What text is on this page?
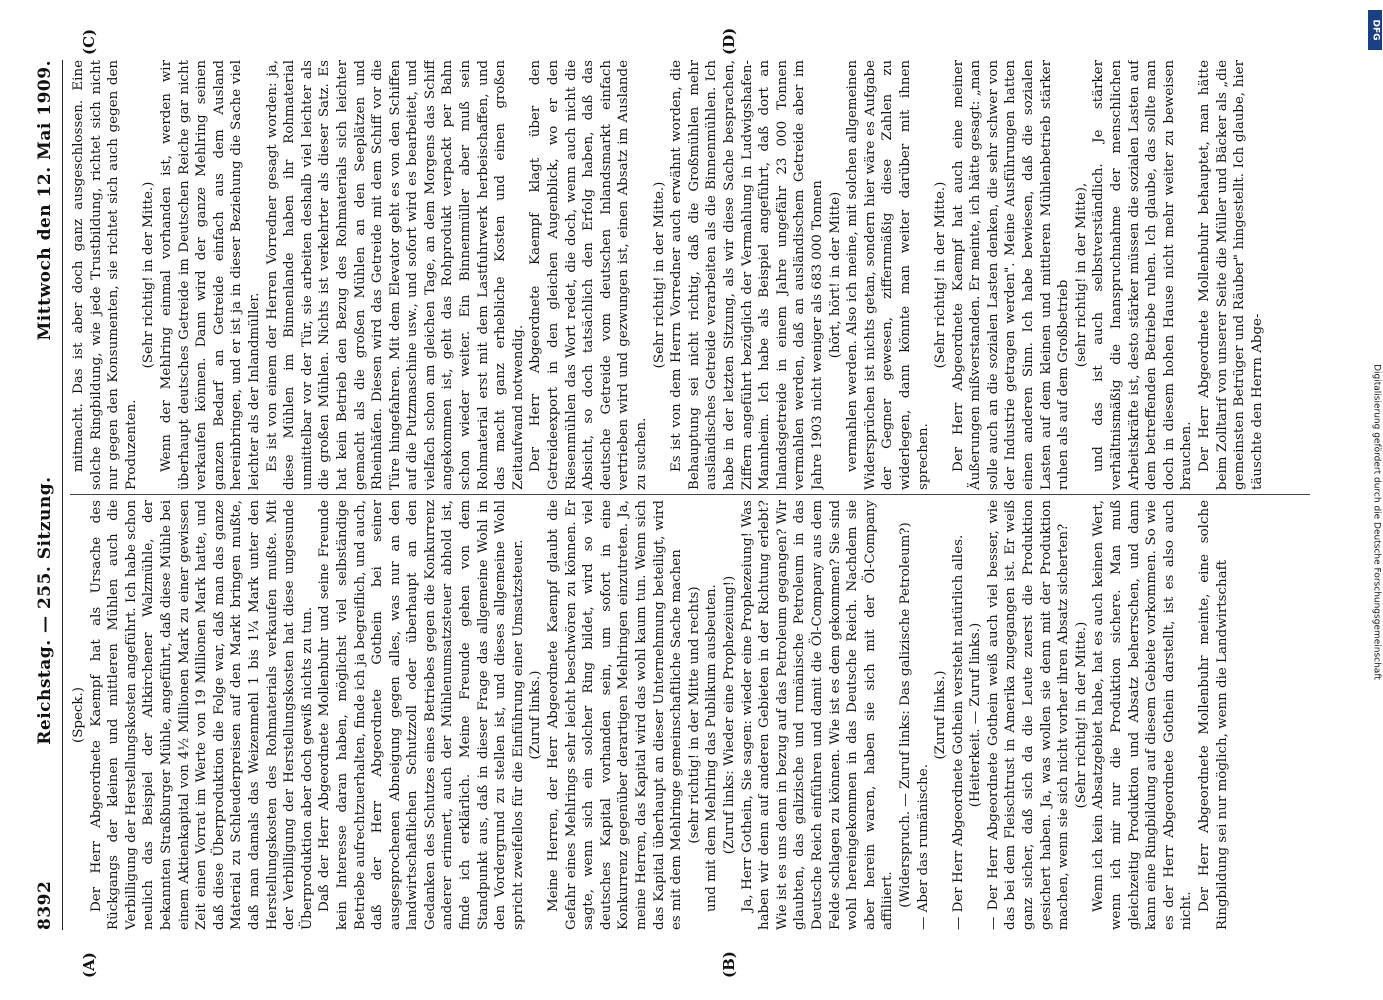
8392
Reichstag. — 255. Sitzung.
Mittwoch den 12. Mai 1909.

(Speck.) Der Herr Abgeordnete Kaempf hat als Ursache des Rückgangs der kleinen und mittleren Mühlen auch die Verbilligung der Herstellungskosten angeführt. Ich habe schon neulich das Beispiel der Altkirchener Walzmühle, der bekannten Straßburger Mühle, angeführt, daß diese Mühle bei einem Aktienkapital von 4½ Millionen Mark zu einer gewissen Zeit einen Vorrat im Werte von 19 Millionen Mark hatte, und daß diese Überproduktion die Folge war, daß man das ganze Material zu Schleuderpreisen auf den Markt bringen mußte, daß man damals das Weizenmehl 1 bis 1¼ Mark unter den Herstellungskosten des Rohmaterials verkaufen mußte. Mit der Verbilligung der Herstellungskosten hat diese ungesunde Überproduktion aber doch gewiß nichts zu tun. Daß der Herr Abgeordnete Mollenbuhr und seine Freunde kein Interesse daran haben, möglichst viel selbständige Betriebe aufrechtzuerhalten, finde ich ja begreiflich, und auch, daß der Herr Abgeordnete Gothein bei seiner ausgesprochenen Abneigung gegen alles, was nur an den landwirtschaftlichen Schutzzoll oder überhaupt an den Gedanken des Schutzes eines Betriebes gegen die Konkurrenz anderer erinnert, auch der Mühlenumsatzsteuer abhold ist, finde ich erklärlich. Meine Freunde gehen von dem Standpunkt aus, daß in dieser Frage das allgemeine Wohl in den Vordergrund zu stellen ist, und dieses allgemeine Wohl spricht zweifellos für die Einführung einer Umsatzsteuer. (Zuruf links.) Meine Herren, der Herr Abgeordnete Kaempf glaubt die Gefahr eines Mehlrings sehr leicht beschwören zu können. Er sagte, wenn sich ein solcher Ring bildet, wird so viel deutsches Kapital vorhanden sein, um sofort in eine Konkurrenz gegenüber derartigen Mehlringen einzutreten. Ja, meine Herren, das Kapital wird das wohl kaum tun. Wenn sich das Kapital überhaupt an dieser Unternehmung beteiligt, wird es mit dem Mehlringe gemeinschaftliche Sache machen (sehr richtig! in der Mitte und rechts) und mit dem Mehlring das Publikum ausbeuten. (Zuruf links: Wieder eine Prophezeiung!) Ja, Herr Gothein, Sie sagen: wieder eine Prophezeiung! Was haben wir denn auf anderen Gebieten in der Richtung erlebt? Wie ist es uns denn in bezug auf das Petroleum gegangen? Wir glaubten, das galizische und rumänische Petroleum in das Deutsche Reich einführen und damit die Öl-Company aus dem Felde schlagen zu können. Wie ist es dem gekommen? Sie sind wohl hereingekommen in das Deutsche Reich. Nachdem sie aber herein waren, haben sie sich mit der Öl-Company affiliiert. (Widerspruch. — Zuruf links: Das galizische Petroleum?) — Aber das rumänische.

(Zuruf links.) — Der Herr Abgeordnete Gothein versteht natürlich alles. (Heiterkeit. — Zuruf links.) — Der Herr Abgeordnete Gothein weiß auch viel besser, wie das bei dem Fleischtrust in Amerika zugegangen ist. Er weiß ganz sicher, daß sich da die Leute zuerst die Produktion gesichert haben. Ja, was wollen sie denn mit der Produktion machen, wenn sie sich nicht vorher ihren Absatz sicherten? (Sehr richtig! in der Mitte.) Wenn ich kein Absatzgebiet habe, hat es auch keinen Wert, wenn ich mir nur die Produktion sichere. Man muß gleichzeitig Produktion und Absatz beherrschen, und dann kann eine Ringbildung auf diesem Gebiete vorkommen. So wie es der Herr Abgeordnete Gothein darstellt, ist es also auch nicht. Der Herr Abgeordnete Mollenbuhr meinte, eine solche Ringbildung sei nur möglich, wenn die Landwirtschaft

mitmacht. Das ist aber doch ganz ausgeschlossen. Eine solche Ringbildung, wie jede Trustbildung, richtet sich nicht nur gegen den Konsumenten, sie richtet sich auch gegen den Produzenten.

(Sehr richtig! in der Mitte.) Wenn der Mehlring einmal vorhanden ist, werden wir überhaupt deutsches Getreide im Deutschen Reiche gar nicht verkaufen können. Dann wird der ganze Mehlring seinen ganzen Bedarf an Getreide einfach aus dem Ausland hereinbringen, und er ist ja in dieser Beziehung die Sache viel leichter als der Inlandmüller. Es ist von einem der Herren Vorredner gesagt worden: ja, diese Mühlen im Binnenlande haben ihr Rohmaterial unmittelbar vor der Tür, sie arbeiten deshalb viel leichter als die großen Mühlen. Nichts ist verkehrter als dieser Satz. Es hat kein Betrieb den Bezug des Rohmaterials sich leichter gemacht als die großen Mühlen an den Seeplätzen und Rheinhäfen. Diesen wird das Getreide mit dem Schiff vor die Türe hingefahren. Mit dem Elevator geht es von den Schiffen auf die Putzmaschine usw., und sofort wird es bearbeitet, und vielfach schon am gleichen Tage, an dem Morgens das Schiff angekommen ist, geht das Rohprodukt verpackt per Bahn schon wieder weiter. Ein Binnenmüller aber muß sein Rohmaterial erst mit dem Lastfuhrwerk herbeischaffen, und das macht ganz erhebliche Kosten und einen großen Zeitaufwand notwendig. Der Herr Abgeordnete Kaempf klagt über den Getreideexport in den gleichen Augenblick, wo er den Riesenmühlen das Wort redet, die doch, wenn auch nicht die Absicht, so doch tatsächlich den Erfolg haben, daß das deutsche Getreide vom deutschen Inlandsmarkt einfach vertrieben wird und gezwungen ist, einen Absatz im Auslande zu suchen.

(Sehr richtig! in der Mitte.) Es ist von dem Herrn Vorredner auch erwähnt worden, die Behauptung sei nicht richtig, daß die Großmühlen mehr ausländisches Getreide verarbeiten als die Binnenmühlen. Ich habe in der letzten Sitzung, als wir diese Sache besprachen, Ziffern angeführt bezüglich der Vermahlung in Ludwigshafen-Mannheim. Ich habe als Beispiel angeführt, daß dort an Inlandsgetreide in einem Jahre ungefähr 23 000 Tonnen vermahlen werden, daß an ausländischem Getreide aber im Jahre 1903 nicht weniger als 683 000 Tonnen (hört, hört! in der Mitte) vermahlen werden. Also ich meine, mit solchen allgemeinen Widersprüchen ist nichts getan, sondern hier wäre es Aufgabe der Gegner gewesen, ziffernmäßig diese Zahlen zu widerlegen, dann könnte man weiter darüber mit ihnen sprechen.

(Sehr richtig! in der Mitte.) Der Herr Abgeordnete Kaempf hat auch eine meiner Äußerungen mißverstanden. Er meinte, ich hätte gesagt: „man solle auch an die sozialen Lasten denken, die sehr schwer von der Industrie getragen werden". Meine Ausführungen hatten einen anderen Sinn. Ich habe bewiesen, daß die sozialen Lasten auf dem kleinen und mittleren Mühlenbetrieb stärker ruhen als auf dem Großbetrieb

(sehr richtig! in der Mitte), und das ist auch selbstverständlich. Je stärker verhältnismäßig die Inanspruchnahme der menschlichen Arbeitskräfte ist, desto stärker müssen die sozialen Lasten auf dem betreffenden Betriebe ruhen. Ich glaube, das sollte man doch in diesem hohen Hause nicht mehr weiter zu beweisen brauchen. Der Herr Abgeordnete Mollenbuhr behauptet, man hätte beim Zolltarif von unserer Seite die Müller und Bäcker als „die gemeinsten Betrüger und Räuber" hingestellt. Ich glaube, hier täuschte den Herrn Abge-

(A)	(B)
(C)	(D)	DFG
Digitalisierung gefördert durch die Deutsche Forschungsgemeinschaft
